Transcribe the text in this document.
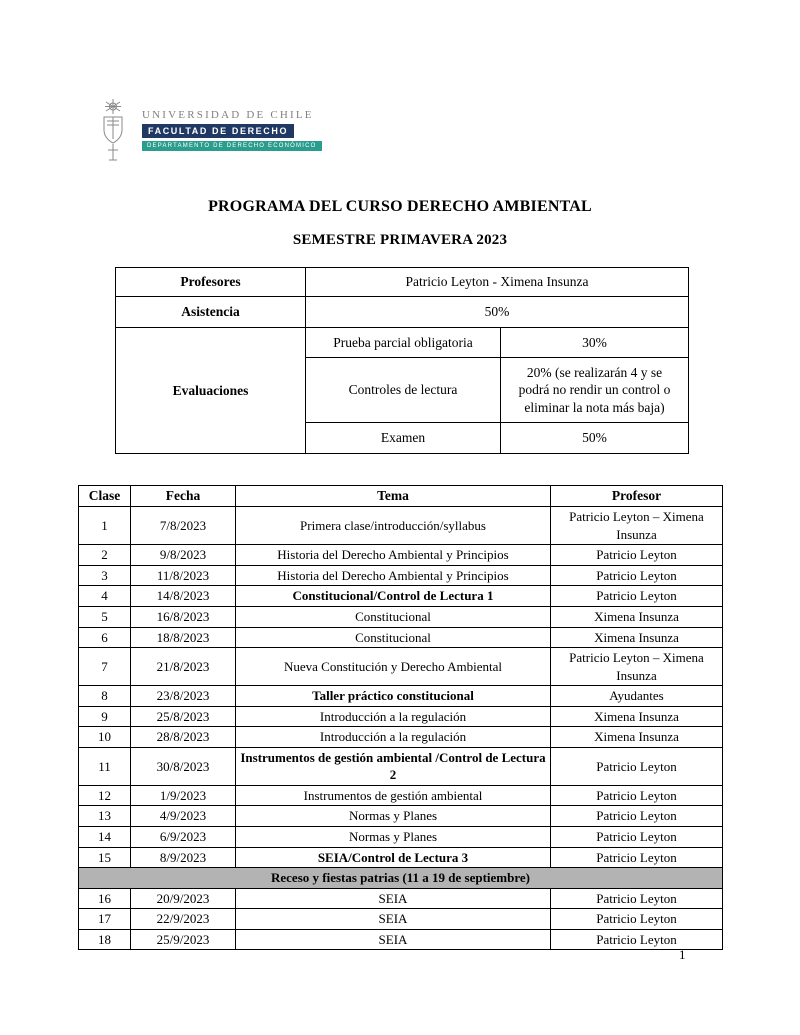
UNIVERSIDAD DE CHILE
FACULTAD DE DERECHO
DEPARTAMENTO DE DERECHO ECONÓMICO
PROGRAMA DEL CURSO DERECHO AMBIENTAL
SEMESTRE PRIMAVERA 2023
Profesores	Patricio Leyton - Ximena Insunza	
Asistencia	50%	
Evaluaciones	Prueba parcial obligatoria	30%
	Controles de lectura	20% (se realizarán 4 y se podrá no rendir un control o eliminar la nota más baja)
	Examen	50%
Clase	Fecha	Tema	Profesor
1	7/8/2023	Primera clase/introducción/syllabus	Patricio Leyton – Ximena Insunza
2	9/8/2023	Historia del Derecho Ambiental y Principios	Patricio Leyton
3	11/8/2023	Historia del Derecho Ambiental y Principios	Patricio Leyton
4	14/8/2023	Constitucional/Control de Lectura 1	Patricio Leyton
5	16/8/2023	Constitucional	Ximena Insunza
6	18/8/2023	Constitucional	Ximena Insunza
7	21/8/2023	Nueva Constitución y Derecho Ambiental	Patricio Leyton – Ximena Insunza
8	23/8/2023	Taller práctico constitucional	Ayudantes
9	25/8/2023	Introducción a la regulación	Ximena Insunza
10	28/8/2023	Introducción a la regulación	Ximena Insunza
11	30/8/2023	Instrumentos de gestión ambiental /Control de Lectura 2	Patricio Leyton
12	1/9/2023	Instrumentos de gestión ambiental	Patricio Leyton
13	4/9/2023	Normas y Planes	Patricio Leyton
14	6/9/2023	Normas y Planes	Patricio Leyton
15	8/9/2023	SEIA/Control de Lectura 3	Patricio Leyton
Receso y fiestas patrias (11 a 19 de septiembre)			
16	20/9/2023	SEIA	Patricio Leyton
17	22/9/2023	SEIA	Patricio Leyton
18	25/9/2023	SEIA	Patricio Leyton
1
